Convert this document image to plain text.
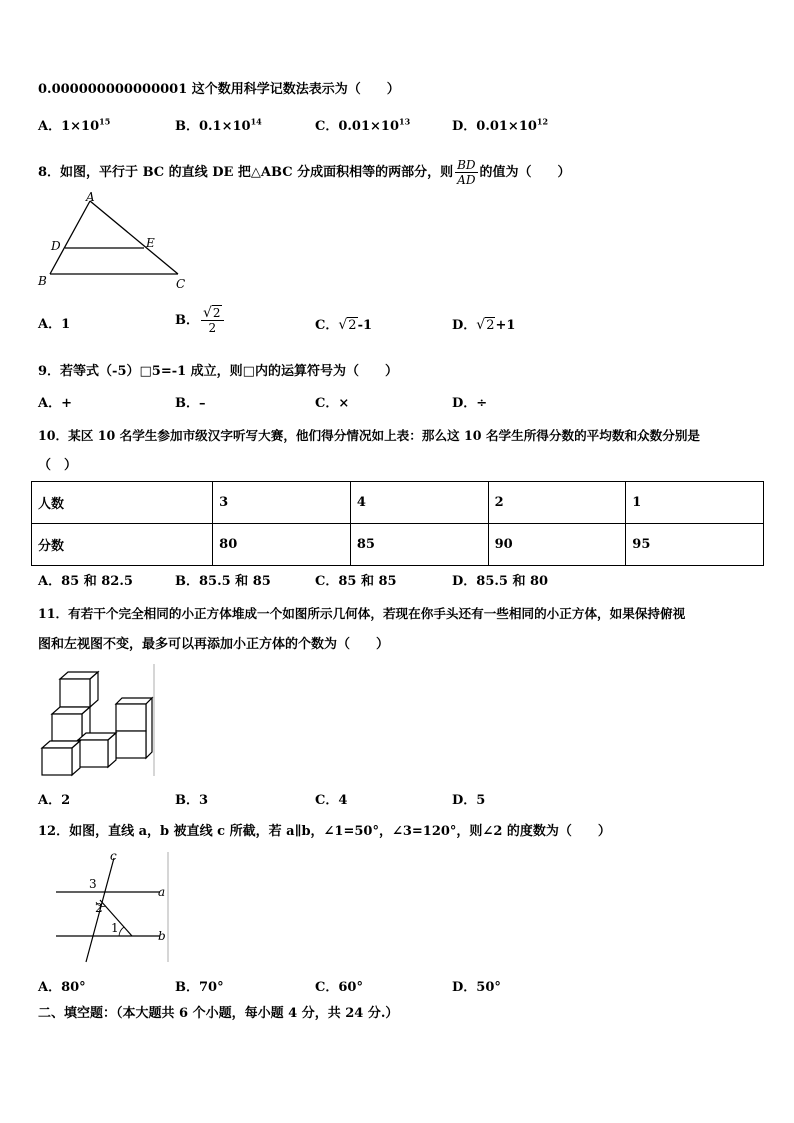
0.000000000000001 这个数用科学记数法表示为（　　）
A．$1\times 10^{15}$	B．$0.1\times 10^{14}$	C．$0.01\times 10^{13}$	D．$0.01\times 10^{12}$
8．如图，平行于 BC 的直线 DE 把△ABC 分成面积相等的两部分，则 $\frac{BD}{AD}$ 的值为（　　）
A
D	E
B	C
A．1	B． $\frac{√2}{2}$	C．√2-1	D．√2+1
9．若等式（-5）□5=-1 成立，则□内的运算符号为（　　）
A．+	B．–	C．×	D．÷
10．某区 10 名学生参加市级汉字听写大赛，他们得分情况如上表：那么这 10 名学生所得分数的平均数和众数分别是
（　）
人数	3	4	2	1
分数	80	85	90	95
A．85 和 82.5	B．85.5 和 85	C．85 和 85	D．85.5 和 80
11．有若干个完全相同的小正方体堆成一个如图所示几何体，若现在你手头还有一些相同的小正方体，如果保持俯视
图和左视图不变，最多可以再添加小正方体的个数为（　　）
A．2	B．3	C．4	D．5
12．如图，直线 a，b 被直线 c 所截，若 a∥b，∠1=50°，∠3=120°，则∠2 的度数为（　　）
c
a
b
3
2
1
A．80°	B．70°	C．60°	D．50°
二、填空题：（本大题共 6 个小题，每小题 4 分，共 24 分.）
